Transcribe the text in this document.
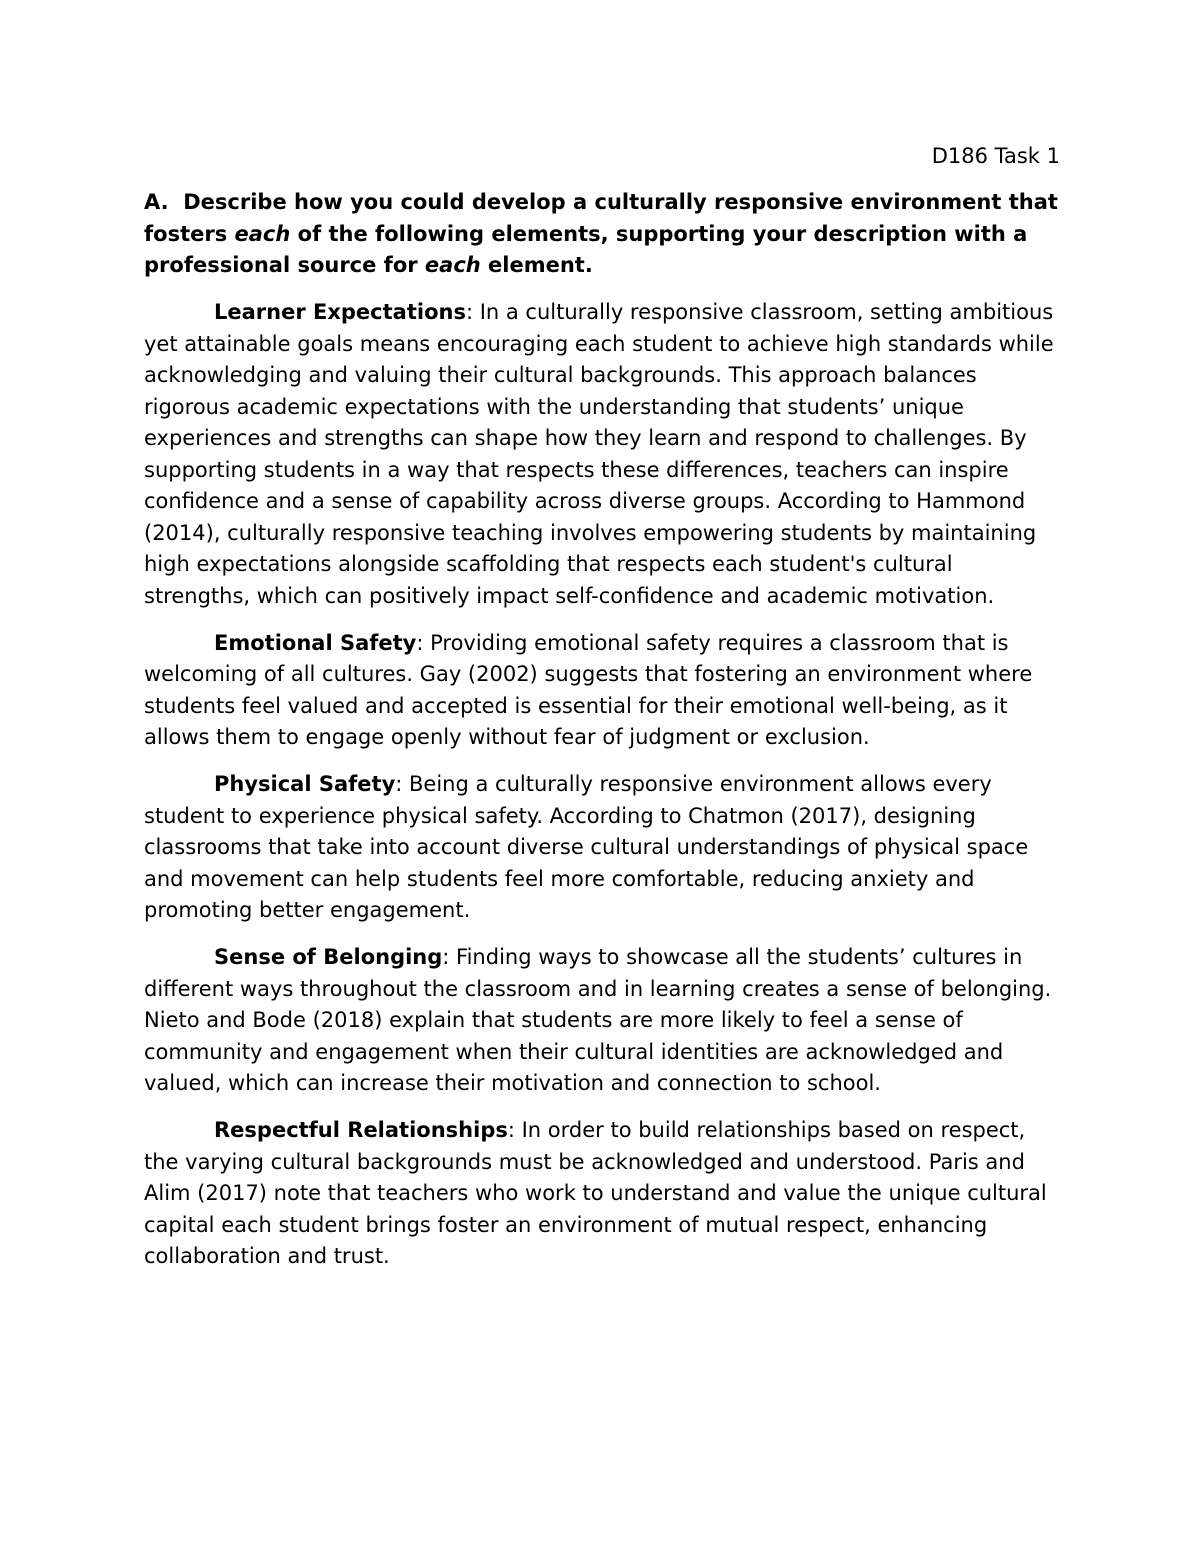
D186 Task 1

A. Describe how you could develop a culturally responsive environment that fosters each of the following elements, supporting your description with a professional source for each element.

Learner Expectations: In a culturally responsive classroom, setting ambitious yet attainable goals means encouraging each student to achieve high standards while acknowledging and valuing their cultural backgrounds. This approach balances rigorous academic expectations with the understanding that students’ unique experiences and strengths can shape how they learn and respond to challenges. By supporting students in a way that respects these differences, teachers can inspire confidence and a sense of capability across diverse groups. According to Hammond (2014), culturally responsive teaching involves empowering students by maintaining high expectations alongside scaffolding that respects each student's cultural strengths, which can positively impact self-confidence and academic motivation.

Emotional Safety: Providing emotional safety requires a classroom that is welcoming of all cultures. Gay (2002) suggests that fostering an environment where students feel valued and accepted is essential for their emotional well-being, as it allows them to engage openly without fear of judgment or exclusion.

Physical Safety: Being a culturally responsive environment allows every student to experience physical safety. According to Chatmon (2017), designing classrooms that take into account diverse cultural understandings of physical space and movement can help students feel more comfortable, reducing anxiety and promoting better engagement.

Sense of Belonging: Finding ways to showcase all the students’ cultures in different ways throughout the classroom and in learning creates a sense of belonging. Nieto and Bode (2018) explain that students are more likely to feel a sense of community and engagement when their cultural identities are acknowledged and valued, which can increase their motivation and connection to school.

Respectful Relationships: In order to build relationships based on respect, the varying cultural backgrounds must be acknowledged and understood. Paris and Alim (2017) note that teachers who work to understand and value the unique cultural capital each student brings foster an environment of mutual respect, enhancing collaboration and trust.
